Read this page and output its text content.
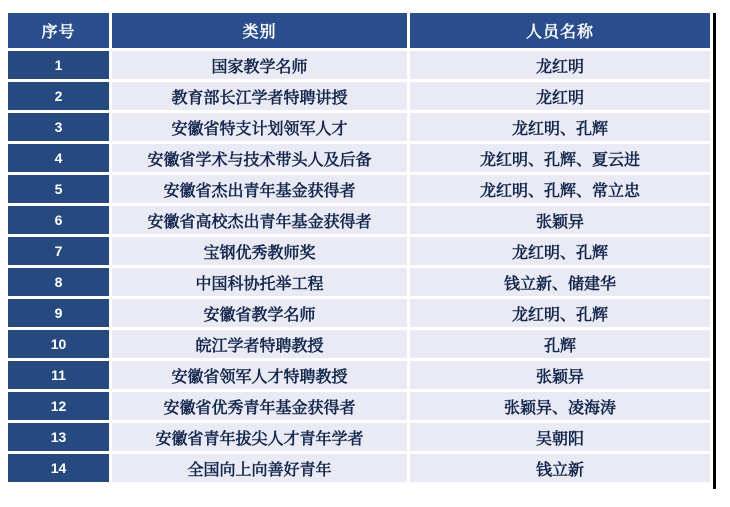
序号	类别	人员名称
1	国家教学名师	龙红明
2	教育部长江学者特聘讲授	龙红明
3	安徽省特支计划领军人才	龙红明、孔辉
4	安徽省学术与技术带头人及后备	龙红明、孔辉、夏云进
5	安徽省杰出青年基金获得者	龙红明、孔辉、常立忠
6	安徽省高校杰出青年基金获得者	张颖异
7	宝钢优秀教师奖	龙红明、孔辉
8	中国科协托举工程	钱立新、储建华
9	安徽省教学名师	龙红明、孔辉
10	皖江学者特聘教授	孔辉
11	安徽省领军人才特聘教授	张颖异
12	安徽省优秀青年基金获得者	张颖异、凌海涛
13	安徽省青年拔尖人才青年学者	吴朝阳
14	全国向上向善好青年	钱立新
